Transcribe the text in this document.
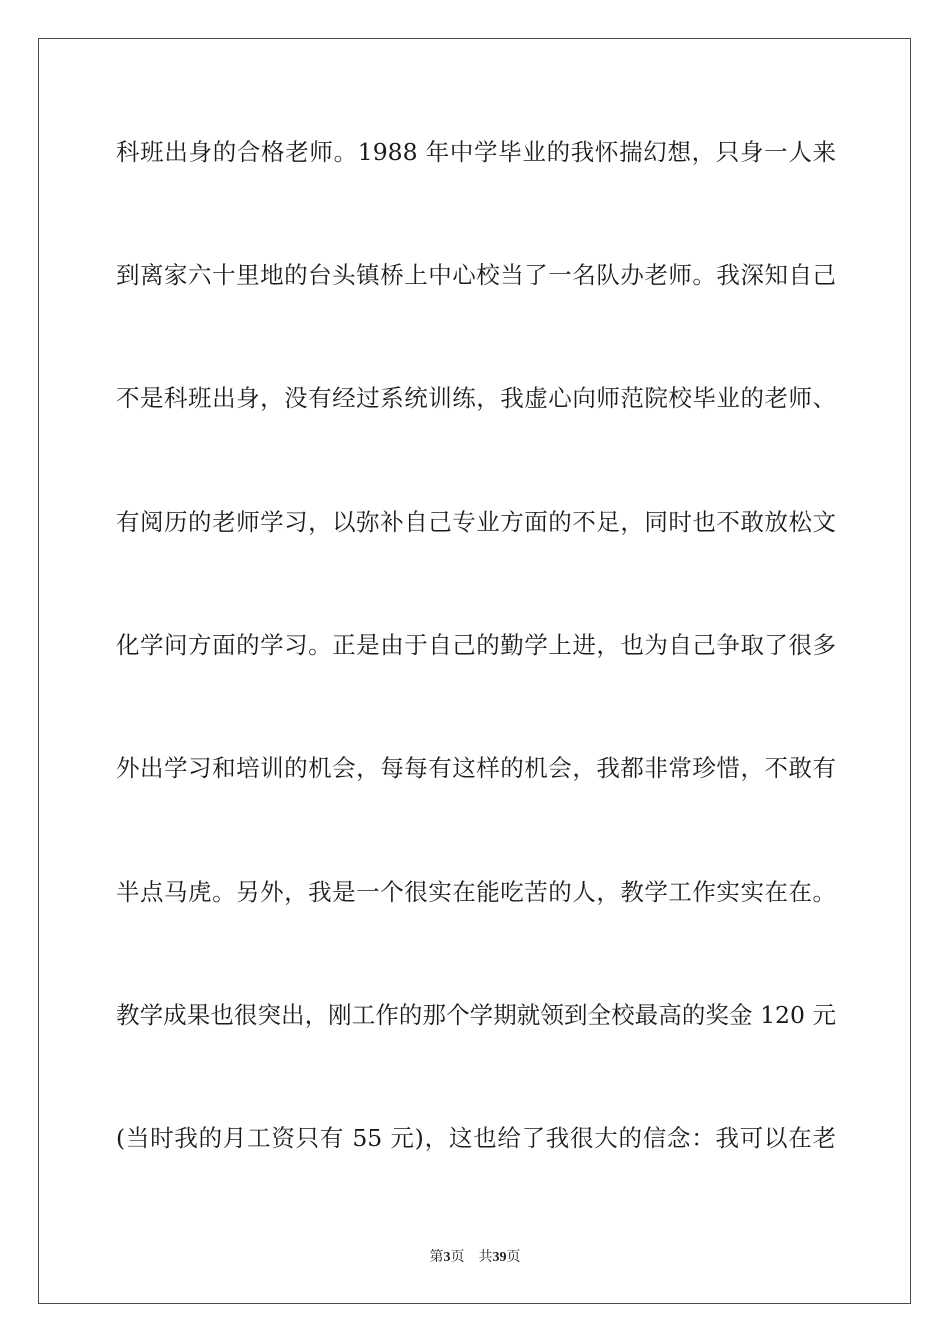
科班出身的合格老师。1988 年中学毕业的我怀揣幻想，只身一人来
到离家六十里地的台头镇桥上中心校当了一名队办老师。我深知自己
不是科班出身，没有经过系统训练，我虚心向师范院校毕业的老师、
有阅历的老师学习，以弥补自己专业方面的不足，同时也不敢放松文
化学问方面的学习。正是由于自己的勤学上进，也为自己争取了很多
外出学习和培训的机会，每每有这样的机会，我都非常珍惜，不敢有
半点马虎。另外，我是一个很实在能吃苦的人，教学工作实实在在。
教学成果也很突出，刚工作的那个学期就领到全校最高的奖金 120 元
(当时我的月工资只有 55 元)，这也给了我很大的信念：我可以在老
第3页 共39页
